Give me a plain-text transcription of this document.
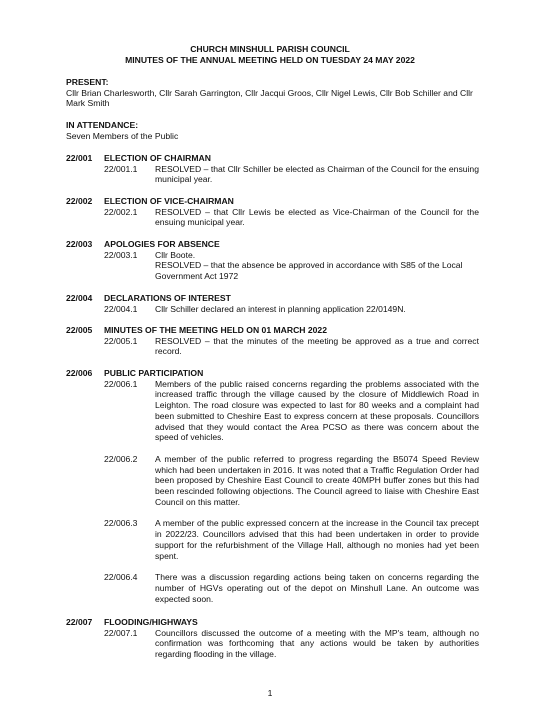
CHURCH MINSHULL PARISH COUNCIL
MINUTES OF THE ANNUAL MEETING HELD ON TUESDAY 24 MAY 2022
PRESENT:
Cllr Brian Charlesworth, Cllr Sarah Garrington, Cllr Jacqui Groos, Cllr Nigel Lewis, Cllr Bob Schiller and Cllr Mark Smith
IN ATTENDANCE:
Seven Members of the Public
22/001	ELECTION OF CHAIRMAN
22/001.1	RESOLVED – that Cllr Schiller be elected as Chairman of the Council for the ensuing municipal year.
22/002	ELECTION OF VICE-CHAIRMAN
22/002.1	RESOLVED – that Cllr Lewis be elected as Vice-Chairman of the Council for the ensuing municipal year.
22/003	APOLOGIES FOR ABSENCE
22/003.1	Cllr Boote.
RESOLVED – that the absence be approved in accordance with S85 of the Local Government Act 1972
22/004	DECLARATIONS OF INTEREST
22/004.1	Cllr Schiller declared an interest in planning application 22/0149N.
22/005	MINUTES OF THE MEETING HELD ON 01 MARCH 2022
22/005.1	RESOLVED – that the minutes of the meeting be approved as a true and correct record.
22/006	PUBLIC PARTICIPATION
22/006.1	Members of the public raised concerns regarding the problems associated with the increased traffic through the village caused by the closure of Middlewich Road in Leighton. The road closure was expected to last for 80 weeks and a complaint had been submitted to Cheshire East to express concern at these proposals. Councillors advised that they would contact the Area PCSO as there was concern about the speed of vehicles.
22/006.2	A member of the public referred to progress regarding the B5074 Speed Review which had been undertaken in 2016. It was noted that a Traffic Regulation Order had been proposed by Cheshire East Council to create 40MPH buffer zones but this had been rescinded following objections. The Council agreed to liaise with Cheshire East Council on this matter.
22/006.3	A member of the public expressed concern at the increase in the Council tax precept in 2022/23. Councillors advised that this had been undertaken in order to provide support for the refurbishment of the Village Hall, although no monies had yet been spent.
22/006.4	There was a discussion regarding actions being taken on concerns regarding the number of HGVs operating out of the depot on Minshull Lane. An outcome was expected soon.
22/007	FLOODING/HIGHWAYS
22/007.1	Councillors discussed the outcome of a meeting with the MP's team, although no confirmation was forthcoming that any actions would be taken by authorities regarding flooding in the village.
1
